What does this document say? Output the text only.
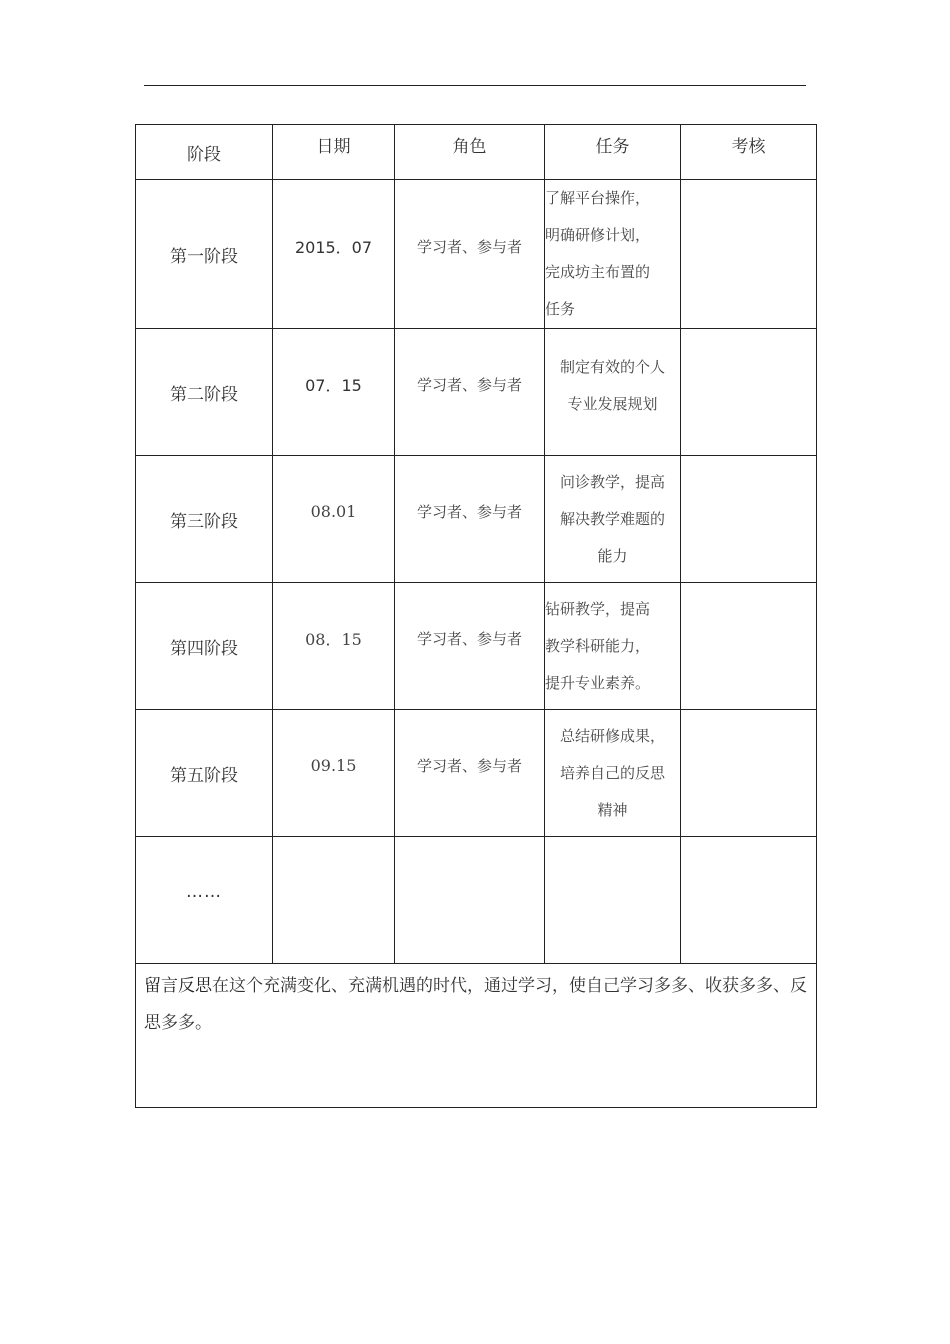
阶段	日期	角色	任务	考核
第一阶段	2015．07	学习者、参与者	了解平台操作，
明确研修计划，
完成坊主布置的
任务	

第二阶段	07．15	学习者、参与者	制定有效的个人
专业发展规划	

第三阶段	08.01	学习者、参与者	问诊教学，提高
解决教学难题的
能力	

第四阶段	08．15	学习者、参与者	钻研教学，提高
教学科研能力，
提升专业素养。	

第五阶段	09.15	学习者、参与者	总结研修成果，
培养自己的反思
精神	

……				
留言反思在这个充满变化、充满机遇的时代，通过学习，使自己学习多多、收获多多、反思多多。				
